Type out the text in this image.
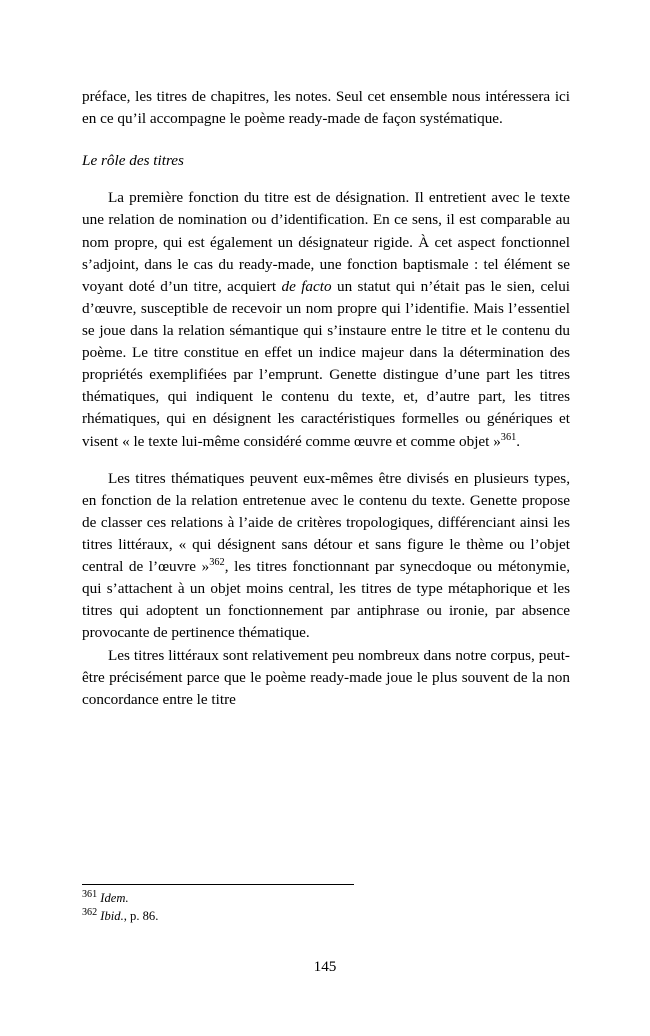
préface, les titres de chapitres, les notes. Seul cet ensemble nous intéressera ici en ce qu’il accompagne le poème ready-made de façon systématique.

Le rôle des titres

La première fonction du titre est de désignation. Il entretient avec le texte une relation de nomination ou d’identification. En ce sens, il est comparable au nom propre, qui est également un désignateur rigide. À cet aspect fonctionnel s’adjoint, dans le cas du ready-made, une fonction baptismale : tel élément se voyant doté d’un titre, acquiert de facto un statut qui n’était pas le sien, celui d’œuvre, susceptible de recevoir un nom propre qui l’identifie. Mais l’essentiel se joue dans la relation sémantique qui s’instaure entre le titre et le contenu du poème. Le titre constitue en effet un indice majeur dans la détermination des propriétés exemplifiées par l’emprunt. Genette distingue d’une part les titres thématiques, qui indiquent le contenu du texte, et, d’autre part, les titres rhématiques, qui en désignent les caractéristiques formelles ou génériques et visent « le texte lui-même considéré comme œuvre et comme objet »$^{361}$.

Les titres thématiques peuvent eux-mêmes être divisés en plusieurs types, en fonction de la relation entretenue avec le contenu du texte. Genette propose de classer ces relations à l’aide de critères tropologiques, différenciant ainsi les titres littéraux, « qui désignent sans détour et sans figure le thème ou l’objet central de l’œuvre »$^{362}$, les titres fonctionnant par synecdoque ou métonymie, qui s’attachent à un objet moins central, les titres de type métaphorique et les titres qui adoptent un fonctionnement par antiphrase ou ironie, par absence provocante de pertinence thématique.

Les titres littéraux sont relativement peu nombreux dans notre corpus, peut-être précisément parce que le poème ready-made joue le plus souvent de la non concordance entre le titre

$^{361}$ Idem.

$^{362}$ Ibid., p. 86.

145
